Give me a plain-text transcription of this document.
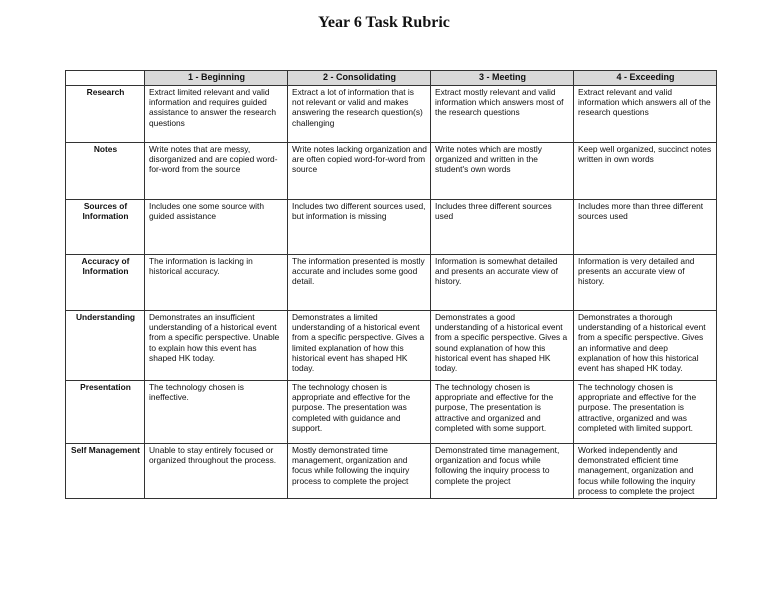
Year 6 Task Rubric
	1 - Beginning	2 - Consolidating	3 - Meeting	4 - Exceeding
Research	Extract limited relevant and valid information and requires guided assistance to answer the research questions	Extract a lot of information that is not relevant or valid and makes answering the research question(s) challenging	Extract mostly relevant and valid information which answers most of the research questions	Extract relevant and valid information which answers all of the research questions
Notes	Write notes that are messy, disorganized and are copied word-for-word from the source	Write notes lacking organization and are often copied word-for-word from source	Write notes which are mostly organized and written in the student's own words	Keep well organized, succinct notes written in own words
Sources of Information	Includes one some source with guided assistance	Includes two different sources used, but information is missing	Includes three different sources used	Includes more than three different sources used
Accuracy of Information	The information is lacking in historical accuracy.	The information presented is mostly accurate and includes some good detail.	Information is somewhat detailed and presents an accurate view of history.	Information is very detailed and presents an accurate view of history.
Understanding	Demonstrates an insufficient understanding of a historical event from a specific perspective. Unable to explain how this event has shaped HK today.	Demonstrates a limited understanding of a historical event from a specific perspective. Gives a limited explanation of how this historical event has shaped HK today.	Demonstrates a good understanding of a historical event from a specific perspective. Gives a sound explanation of how this historical event has shaped HK today.	Demonstrates a thorough understanding of a historical event from a specific perspective. Gives an informative and deep explanation of how this historical event has shaped HK today.
Presentation	The technology chosen is ineffective.	The technology chosen is appropriate and effective for the purpose. The presentation was completed with guidance and support.	The technology chosen is appropriate and effective for the purpose, The presentation is attractive and organized and completed with some support.	The technology chosen is appropriate and effective for the purpose. The presentation is attractive, organized and was completed with limited support.
Self Management	Unable to stay entirely focused or organized throughout the process.	Mostly demonstrated time management, organization and focus while following the inquiry process to complete the project	Demonstrated time management, organization and focus while following the inquiry process to complete the project	Worked independently and demonstrated efficient time management, organization and focus while following the inquiry process to complete the project
